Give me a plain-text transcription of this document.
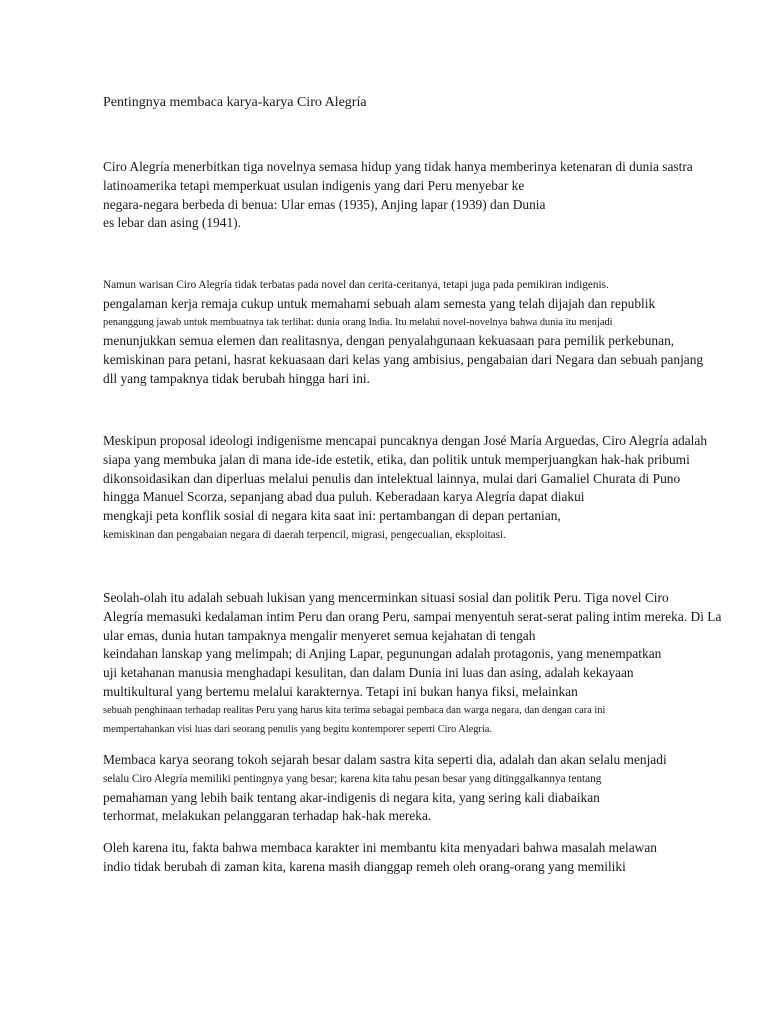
Pentingnya membaca karya-karya Ciro Alegría
Ciro Alegría menerbitkan tiga novelnya semasa hidup yang tidak hanya memberinya ketenaran di dunia sastra
latinoamerika tetapi memperkuat usulan indigenis yang dari Peru menyebar ke
negara-negara berbeda di benua: Ular emas (1935), Anjing lapar (1939) dan Dunia
es lebar dan asing (1941).
Namun warisan Ciro Alegría tidak terbatas pada novel dan cerita-ceritanya, tetapi juga pada pemikiran indigenis.
pengalaman kerja remaja cukup untuk memahami sebuah alam semesta yang telah dijajah dan republik
penanggung jawab untuk membuatnya tak terlihat: dunia orang India. Itu melalui novel-novelnya bahwa dunia itu menjadi
menunjukkan semua elemen dan realitasnya, dengan penyalahgunaan kekuasaan para pemilik perkebunan,
kemiskinan para petani, hasrat kekuasaan dari kelas yang ambisius, pengabaian dari Negara dan sebuah panjang
dll yang tampaknya tidak berubah hingga hari ini.
Meskipun proposal ideologi indigenisme mencapai puncaknya dengan José María Arguedas, Ciro Alegría adalah
siapa yang membuka jalan di mana ide-ide estetik, etika, dan politik untuk memperjuangkan hak-hak pribumi
dikonsoidasikan dan diperluas melalui penulis dan intelektual lainnya, mulai dari Gamaliel Churata di Puno
hingga Manuel Scorza, sepanjang abad dua puluh. Keberadaan karya Alegría dapat diakui
mengkaji peta konflik sosial di negara kita saat ini: pertambangan di depan pertanian,
kemiskinan dan pengabaian negara di daerah terpencil, migrasi, pengecualian, eksploitasi.
Seolah-olah itu adalah sebuah lukisan yang mencerminkan situasi sosial dan politik Peru. Tiga novel Ciro
Alegría memasuki kedalaman intim Peru dan orang Peru, sampai menyentuh serat-serat paling intim mereka. Di La
ular emas, dunia hutan tampaknya mengalir menyeret semua kejahatan di tengah
keindahan lanskap yang melimpah; di Anjing Lapar, pegunungan adalah protagonis, yang menempatkan
uji ketahanan manusia menghadapi kesulitan, dan dalam Dunia ini luas dan asing, adalah kekayaan
multikultural yang bertemu melalui karakternya. Tetapi ini bukan hanya fiksi, melainkan
sebuah penghinaan terhadap realitas Peru yang harus kita terima sebagai pembaca dan warga negara, dan dengan cara ini
mempertahankan visi luas dari seorang penulis yang begitu kontemporer seperti Ciro Alegría.
Membaca karya seorang tokoh sejarah besar dalam sastra kita seperti dia, adalah dan akan selalu menjadi
selalu Ciro Alegría memiliki pentingnya yang besar; karena kita tahu pesan besar yang ditinggalkannya tentang
pemahaman yang lebih baik tentang akar-indigenis di negara kita, yang sering kali diabaikan
terhormat, melakukan pelanggaran terhadap hak-hak mereka.
Oleh karena itu, fakta bahwa membaca karakter ini membantu kita menyadari bahwa masalah melawan
indio tidak berubah di zaman kita, karena masih dianggap remeh oleh orang-orang yang memiliki
